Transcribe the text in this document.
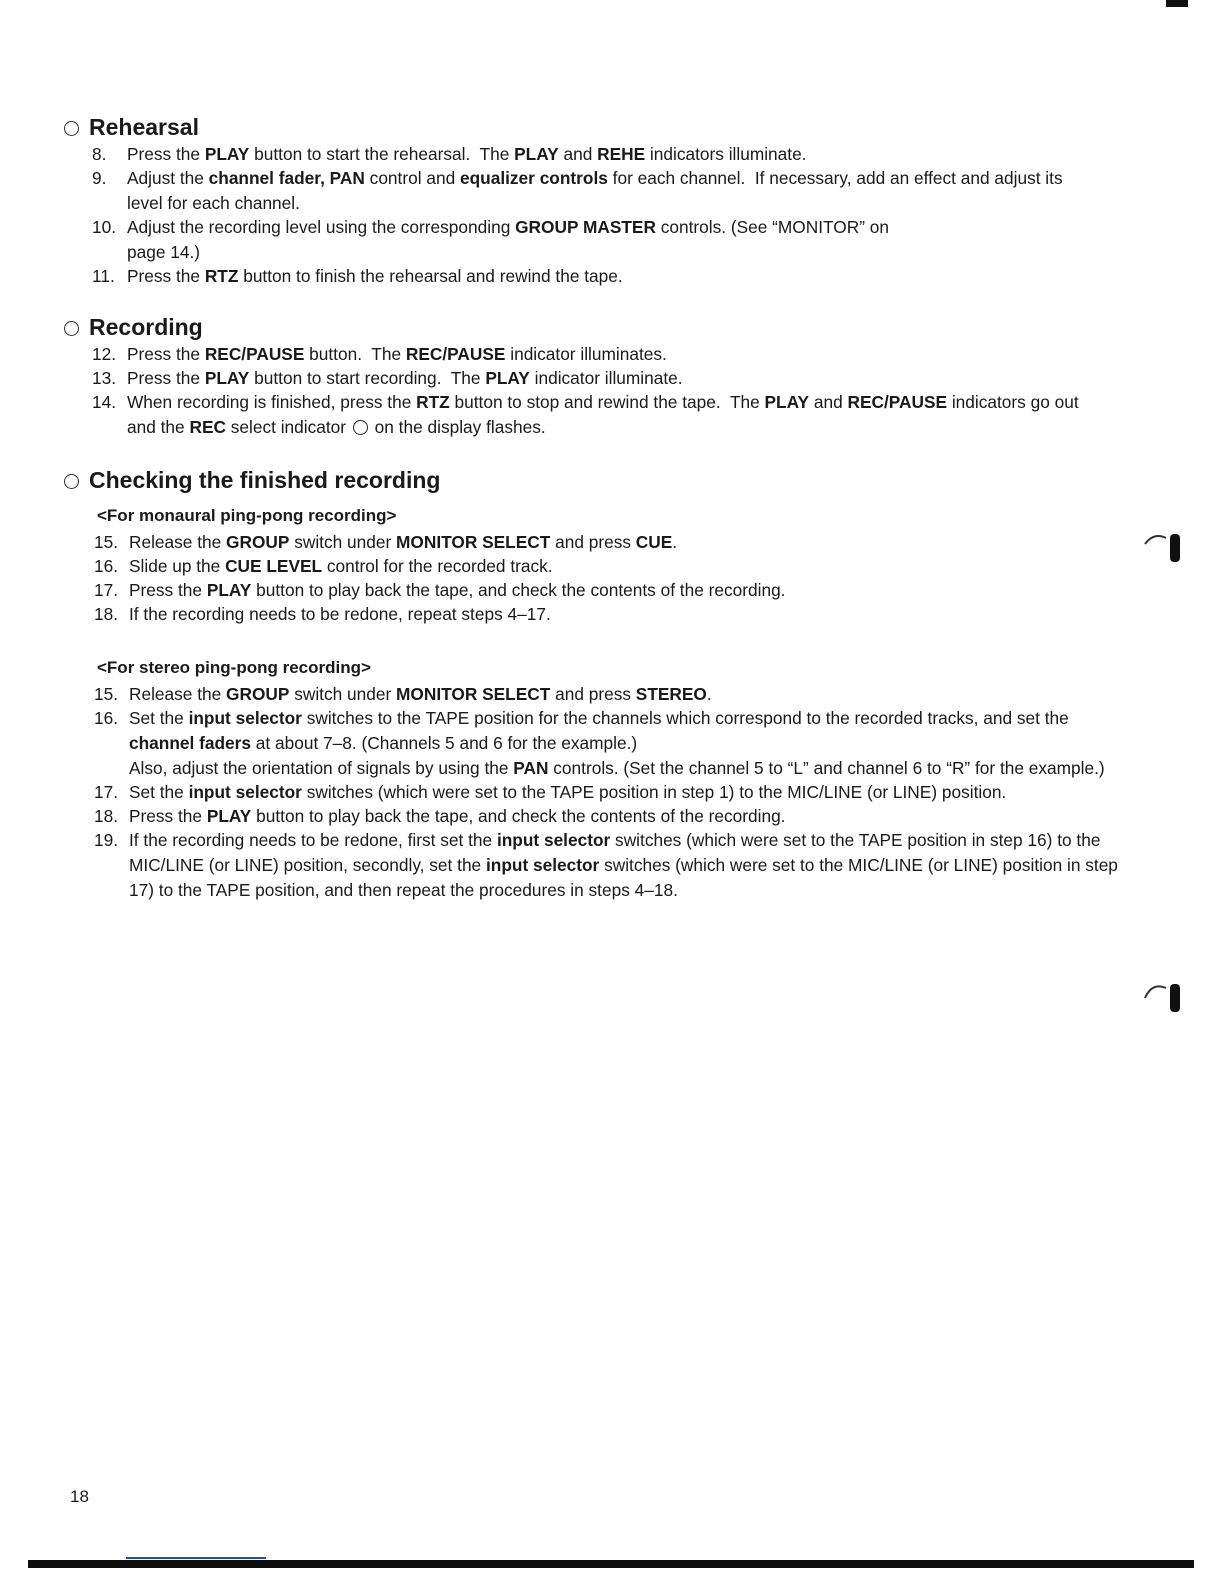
Rehearsal
8. Press the PLAY button to start the rehearsal.  The PLAY and REHE indicators illuminate.
9. Adjust the channel fader, PAN control and equalizer controls for each channel.  If necessary, add an effect and adjust its level for each channel.
10. Adjust the recording level using the corresponding GROUP MASTER controls. (See “MONITOR” on
page 14.)
11. Press the RTZ button to finish the rehearsal and rewind the tape.
Recording
12. Press the REC/PAUSE button.  The REC/PAUSE indicator illuminates.
13. Press the PLAY button to start recording.  The PLAY indicator illuminate.
14. When recording is finished, press the RTZ button to stop and rewind the tape.  The PLAY and REC/PAUSE indicators go out and the REC select indicator  on the display flashes.
Checking the finished recording
<For monaural ping-pong recording>
15. Release the GROUP switch under MONITOR SELECT and press CUE.
16. Slide up the CUE LEVEL control for the recorded track.
17. Press the PLAY button to play back the tape, and check the contents of the recording.
18. If the recording needs to be redone, repeat steps 4–17.
<For stereo ping-pong recording>
15. Release the GROUP switch under MONITOR SELECT and press STEREO.
16. Set the input selector switches to the TAPE position for the channels which correspond to the recorded tracks, and set the channel faders at about 7–8. (Channels 5 and 6 for the example.)
Also, adjust the orientation of signals by using the PAN controls. (Set the channel 5 to “L” and channel 6 to “R” for the example.)
17. Set the input selector switches (which were set to the TAPE position in step 1) to the MIC/LINE (or LINE) position.
18. Press the PLAY button to play back the tape, and check the contents of the recording.
19. If the recording needs to be redone, first set the input selector switches (which were set to the TAPE position in step 16) to the MIC/LINE (or LINE) position, secondly, set the input selector switches (which were set to the MIC/LINE (or LINE) position in step 17) to the TAPE position, and then repeat the procedures in steps 4–18.
18
